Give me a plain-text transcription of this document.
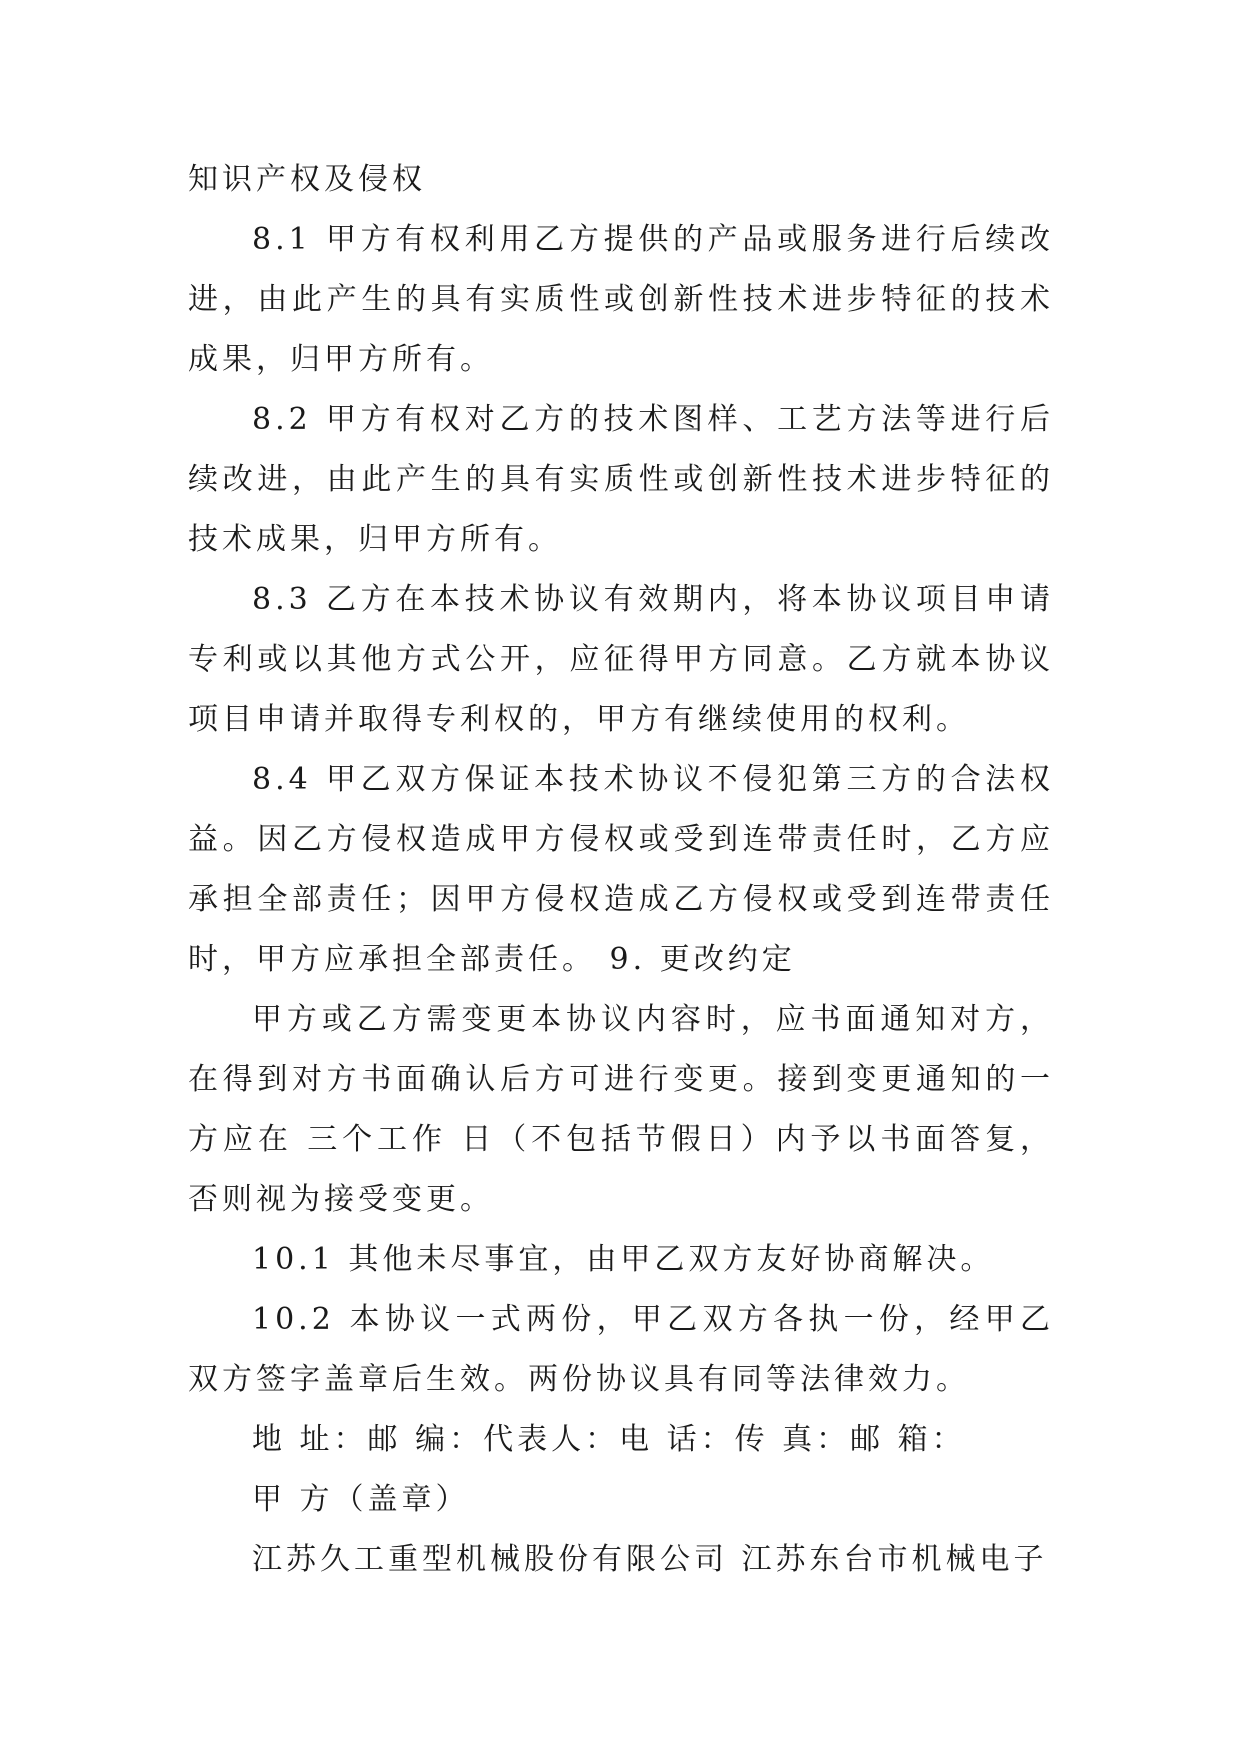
知识产权及侵权

8.1 甲方有权利用乙方提供的产品或服务进行后续改进，由此产生的具有实质性或创新性技术进步特征的技术成果，归甲方所有。

8.2 甲方有权对乙方的技术图样、工艺方法等进行后续改进，由此产生的具有实质性或创新性技术进步特征的技术成果，归甲方所有。

8.3 乙方在本技术协议有效期内，将本协议项目申请专利或以其他方式公开，应征得甲方同意。乙方就本协议项目申请并取得专利权的，甲方有继续使用的权利。

8.4 甲乙双方保证本技术协议不侵犯第三方的合法权益。因乙方侵权造成甲方侵权或受到连带责任时，乙方应承担全部责任；因甲方侵权造成乙方侵权或受到连带责任时，甲方应承担全部责任。 9. 更改约定

甲方或乙方需变更本协议内容时，应书面通知对方，在得到对方书面确认后方可进行变更。接到变更通知的一方应在 三个工作 日（不包括节假日）内予以书面答复，否则视为接受变更。

10.1 其他未尽事宜，由甲乙双方友好协商解决。

10.2 本协议一式两份，甲乙双方各执一份，经甲乙双方签字盖章后生效。两份协议具有同等法律效力。

地 址：邮 编：代表人：电 话：传 真：邮 箱：

甲 方（盖章）

江苏久工重型机械股份有限公司 江苏东台市机械电子
